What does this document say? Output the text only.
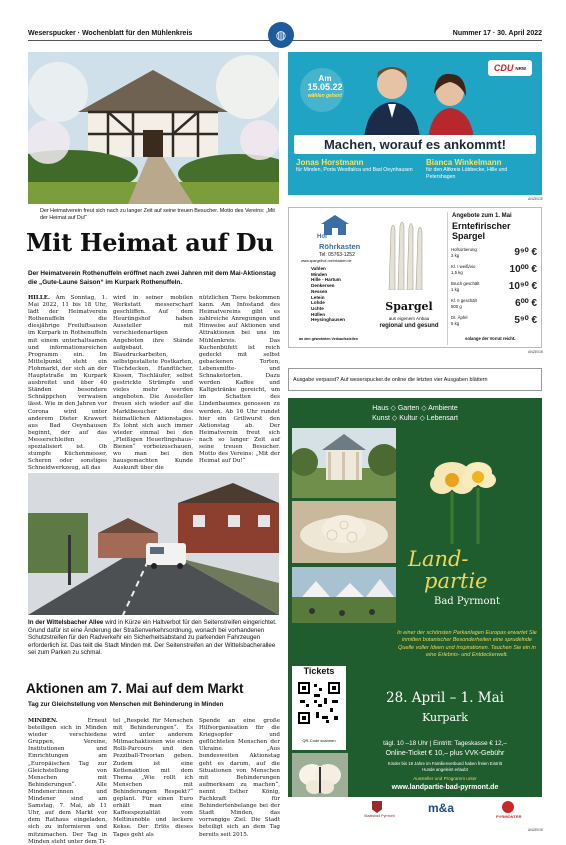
Weserspucker · Wochenblatt für den Mühlenkreis	Nummer 17 · 30. April 2022
◍
Der Heimatverein freut sich nach zu langer Zeit auf seine treuen Besucher. Motto des Vereins: „Mit der Heimat auf Du!“
Mit Heimat auf Du
Der Heimatverein Rothenuffeln eröffnet nach zwei Jahren mit dem Mai-Aktionstag die „Gute-Laune Saison“ im Kurpark Rothenuffeln.
HILLE. Am Sonntag, 1. Mai 2022, 11 bis 18 Uhr, lädt der Heimatverein Rothenuffeln die diesjährige Freiluftsaison im Kurpark in Rothenuffeln mit einem unterhaltsamen und informationsreichen Programm ein. Im Mittelpunkt steht ein Flohmarkt, der sich an der Hauptstraße im Kurpark ausbreitet und über 40 Ständen besondere Schnäppchen verwaisen lässt. Wie in den Jahren vor Corona wird unter anderem Dieter Krawert aus Bad Oeynhausen beginnt, der auf das Messerschleifen spezialisiert ist. Ob stumpfe Küchenmesser, Scheren oder sonstiges Schneidwerkzeug, all das
wird in seiner mobilen Werkstatt messerscharf geschliffen. Auf dem Heuriingshof haben Aussteller mit verschiedenartigen Angeboten ihre Stände aufgebaut. Blaudruckarbeiten, selbstgestaltete Postkarten, Tischdecken, Handtücher, Kissen, Tischläufer, selbst gestrickte Strümpfe und vieles mehr werden angeboten. Die Aussteller freuen sich wieder auf die Marktbesucher des heimatlichen Aktionstages. Es lohnt sich auch immer wieder einmal bei den „Fleißigen Heuerlingshaus-Bienen“ vorbeizuschauen, wo man bei den hausgemachten Kunde Auskunft über die
nützlichen Tiere bekommen kann. Am Infostand des Heimatvereins gibt es zahlreiche Anregungen und Hinweise auf Aktionen und Attraktionen bei uns im Mühlenkreis. Das Kuchenbüfett ist reich gedeckt mit selbst gebackenen Torten, Lebensmitte- und Schnaketorten. Dazu werden Kaffee und Kaltgetränke gereicht, um im Schatten des Lindenbaumes genossen zu werden. Ab 16 Uhr rundet hier ein Grillwurst den Aktionstag ab. Der Heimatverein freut sich nach so langer Zeit auf seine treuen Besucher. Motto des Vereins: „Mit der Heimat auf Du!“
In der Wittelsbacher Allee wird in Kürze ein Haltverbot für den Seitenstreifen eingerichtet. Grund dafür ist eine Änderung der Straßenverkehrsordnung, wonach bei vorhandenen Schutzstreifen für den Radverkehr ein Sicherheitsabstand zu parkenden Fahrzeugen erforderlich ist. Das teilt die Stadt Minden mit. Der Seitenstreifen an der Wittelsbacherallee sei zum Parken zu schmal.
Aktionen am 7. Mai auf dem Markt
Tag zur Gleichstellung von Menschen mit Behinderung in Minden
MINDEN.	Erneut beteiligen sich in Minden wieder verschiedene Gruppen, Vereine, Institutionen und Einrichtungen am „Europäischen Tag zur Gleichstellung von Menschen mit Behinderungen“. Alle Mindener:innen und Mindener sind am Samstag, 7. Mai, ab 11 Uhr, auf dem Markt vor dem Rathaus eingeladen, sich zu informieren und mitzumachen. Der Tag in Minden steht unter dem Ti-
tel „Respekt für Menschen mit Behinderungen“. Es wird unter anderem Mitmachaktionen wie einen Rolli-Parcours und den Pezziball-Treorian geben. Zudem ist eine Kettenaktion mit dem Thema „Wie rollt ich Menschen mit Behinderungen Respekt?“ geplant. Für einen Euro erhält man eine Kaffeespezialität vom Meltinsnoble und leckere Kekse. Der Erlös dieses Tages geht als
Spende an eine große Hilfsorganisation für die Kriegsopfer und geflüchteten Menschen der Ukraine. „Aus bundesweiten Aktionstag geht es darum, auf die Situationen von Menschen mit Behinderungen aufmerksam zu machen“, nennt Esther König, Fachkraft für Behindertenbelange bei der Stadt Minden, das vorrangige Ziel. Die Stadt beteiligt sich an dem Tag bereits seit 2015.
Am
15.05.22
wählen gehen!
CDU NRW
Machen, worauf es ankommt!
Jonas Horstmann
für Minden, Porta Westfalica und Bad Oeynhausen
Bianca Winkelmann
für den Altkreis Lübbecke, Hille und Petershagen
ANZEIGE
Hof
Röhrkasten
Tel: 05763-1252
www.spargelhof-roehrkasten.de
Vahlen
Minden
Hille - Hartum
Denkersen
Nessen
Letein
Lohde
Uchte
Hüllen
Heysinghausen
an den gewohnten Verkaufsstellen
Spargel
aus eigenem Anbau
regional und gesund
Angebote zum 1. Mai
Ernteﬁrischer
Spargel
Hofsortierung
3 kg	9⁹⁰ €
Kl. I weiß/vio
1,5 kg	10⁰⁰ €
Bruch geschält
1 kg	10⁹⁰ €
Kl. II geschält
500 g	6⁰⁰ €
Dt. Äpfel
5 kg	5⁹⁰ €
solange der Vorrat reicht.
ANZEIGE
Ausgabe verpasst? Auf weserspucker.de online die letzten vier Ausgaben blättern
Haus ◇ Garten ◇ Ambiente
Kunst ◇ Kultur ◇ Lebensart
Land-
partie
Bad Pyrmont
In einer der schönsten Parkanlagen Europas erwartet Sie inmitten botanischer Besonderheiten eine sprudelnde Quelle voller Ideen und Inspirationen. Tauchen Sie ein in eine Erlebnis- und Entdeckerwelt.
Tickets
QR-Code scannen
28. April – 1. Mai
Kurpark
tägl. 10 –18 Uhr | Eintritt: Tageskasse € 12,–
Online-Ticket € 10,– plus VVK-Gebühr
Kinder bis 18 Jahre im Familienverbund haben freien Eintritt
Hunde angeleint erlaubt
Aussteller und Programm unter
www.landpartie-bad-pyrmont.de
Staatsbad Pyrmont
m&a
PYRMONTER
ANZEIGE
